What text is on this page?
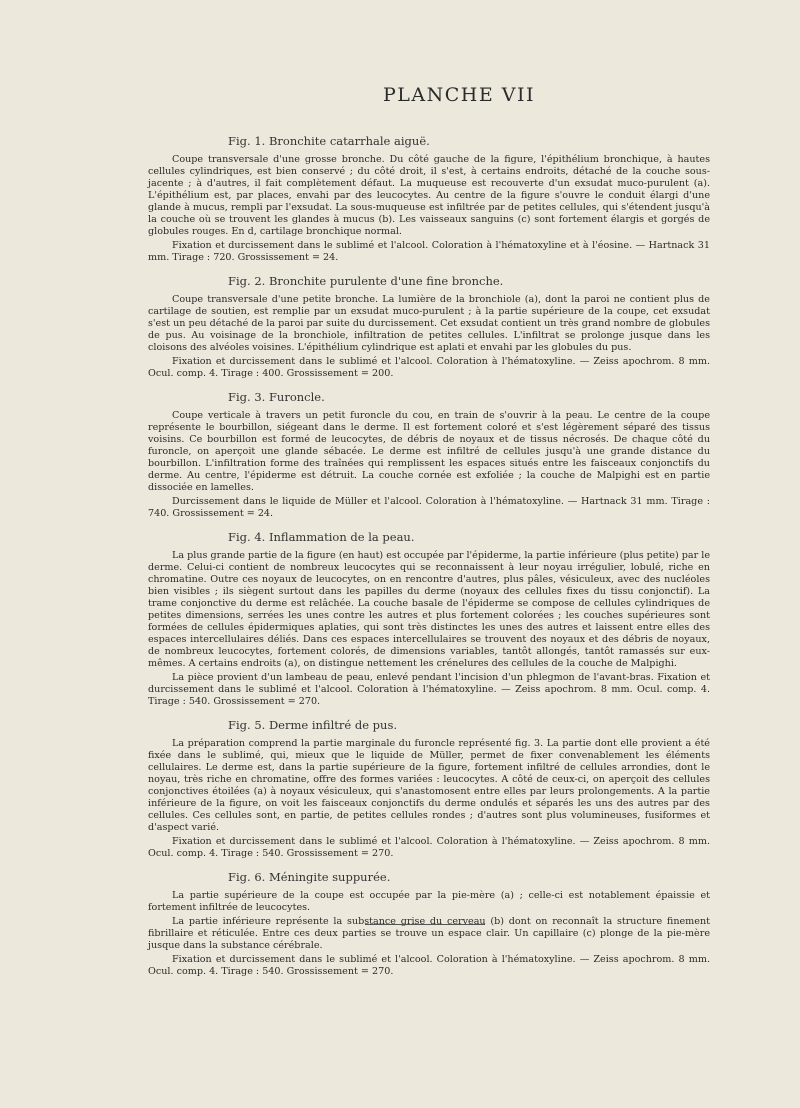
PLANCHE VII
Fig. 1. Bronchite catarrhale aiguë.

Coupe transversale d'une grosse bronche. Du côté gauche de la figure, l'épithélium bronchique, à hautes cellules cylindriques, est bien conservé ; du côté droit, il s'est, à certains endroits, détaché de la couche sous-jacente ; à d'autres, il fait complètement défaut. La muqueuse est recouverte d'un exsudat muco-purulent (a). L'épithélium est, par places, envahi par des leucocytes. Au centre de la figure s'ouvre le conduit élargi d'une glande à mucus, rempli par l'exsudat. La sous-muqueuse est infiltrée par de petites cellules, qui s'étendent jusqu'à la couche où se trouvent les glandes à mucus (b). Les vaisseaux sanguins (c) sont fortement élargis et gorgés de globules rouges. En d, cartilage bronchique normal.

Fixation et durcissement dans le sublimé et l'alcool. Coloration à l'hématoxyline et à l'éosine. — Hartnack 31 mm. Tirage : 720. Grossissement = 24.

Fig. 2. Bronchite purulente d'une fine bronche.

Coupe transversale d'une petite bronche. La lumière de la bronchiole (a), dont la paroi ne contient plus de cartilage de soutien, est remplie par un exsudat muco-purulent ; à la partie supérieure de la coupe, cet exsudat s'est un peu détaché de la paroi par suite du durcissement. Cet exsudat contient un très grand nombre de globules de pus. Au voisinage de la bronchiole, infiltration de petites cellules. L'infiltrat se prolonge jusque dans les cloisons des alvéoles voisines. L'épithélium cylindrique est aplati et envahi par les globules du pus.

Fixation et durcissement dans le sublimé et l'alcool. Coloration à l'hématoxyline. — Zeiss apochrom. 8 mm. Ocul. comp. 4. Tirage : 400. Grossissement = 200.

Fig. 3. Furoncle.

Coupe verticale à travers un petit furoncle du cou, en train de s'ouvrir à la peau. Le centre de la coupe représente le bourbillon, siégeant dans le derme. Il est fortement coloré et s'est légèrement séparé des tissus voisins. Ce bourbillon est formé de leucocytes, de débris de noyaux et de tissus nécrosés. De chaque côté du furoncle, on aperçoit une glande sébacée. Le derme est infiltré de cellules jusqu'à une grande distance du bourbillon. L'infiltration forme des traînées qui remplissent les espaces situés entre les faisceaux conjonctifs du derme. Au centre, l'épiderme est détruit. La couche cornée est exfoliée ; la couche de Malpighi est en partie dissociée en lamelles.

Durcissement dans le liquide de Müller et l'alcool. Coloration à l'hématoxyline. — Hartnack 31 mm. Tirage : 740. Grossissement = 24.

Fig. 4. Inflammation de la peau.

La plus grande partie de la figure (en haut) est occupée par l'épiderme, la partie inférieure (plus petite) par le derme. Celui-ci contient de nombreux leucocytes qui se reconnaissent à leur noyau irrégulier, lobulé, riche en chromatine. Outre ces noyaux de leucocytes, on en rencontre d'autres, plus pâles, vésiculeux, avec des nucléoles bien visibles ; ils siègent surtout dans les papilles du derme (noyaux des cellules fixes du tissu conjonctif). La trame conjonctive du derme est relâchée. La couche basale de l'épiderme se compose de cellules cylindriques de petites dimensions, serrées les unes contre les autres et plus fortement colorées ; les couches supérieures sont formées de cellules épidermiques aplaties, qui sont très distinctes les unes des autres et laissent entre elles des espaces intercellulaires déliés. Dans ces espaces intercellulaires se trouvent des noyaux et des débris de noyaux, de nombreux leucocytes, fortement colorés, de dimensions variables, tantôt allongés, tantôt ramassés sur eux-mêmes. A certains endroits (a), on distingue nettement les crénelures des cellules de la couche de Malpighi.

La pièce provient d'un lambeau de peau, enlevé pendant l'incision d'un phlegmon de l'avant-bras. Fixation et durcissement dans le sublimé et l'alcool. Coloration à l'hématoxyline. — Zeiss apochrom. 8 mm. Ocul. comp. 4. Tirage : 540. Grossissement = 270.

Fig. 5. Derme infiltré de pus.

La préparation comprend la partie marginale du furoncle représenté fig. 3. La partie dont elle provient a été fixée dans le sublimé, qui, mieux que le liquide de Müller, permet de fixer convenablement les éléments cellulaires. Le derme est, dans la partie supérieure de la figure, fortement infiltré de cellules arrondies, dont le noyau, très riche en chromatine, offre des formes variées : leucocytes. A côté de ceux-ci, on aperçoit des cellules conjonctives étoilées (a) à noyaux vésiculeux, qui s'anastomosent entre elles par leurs prolongements. A la partie inférieure de la figure, on voit les faisceaux conjonctifs du derme ondulés et séparés les uns des autres par des cellules. Ces cellules sont, en partie, de petites cellules rondes ; d'autres sont plus volumineuses, fusiformes et d'aspect varié.

Fixation et durcissement dans le sublimé et l'alcool. Coloration à l'hématoxyline. — Zeiss apochrom. 8 mm. Ocul. comp. 4. Tirage : 540. Grossissement = 270.

Fig. 6. Méningite suppurée.

La partie supérieure de la coupe est occupée par la pie-mère (a) ; celle-ci est notablement épaissie et fortement infiltrée de leucocytes.

La partie inférieure représente la substance grise du cerveau (b) dont on reconnaît la structure finement fibrillaire et réticulée. Entre ces deux parties se trouve un espace clair. Un capillaire (c) plonge de la pie-mère jusque dans la substance cérébrale.

Fixation et durcissement dans le sublimé et l'alcool. Coloration à l'hématoxyline. — Zeiss apochrom. 8 mm. Ocul. comp. 4. Tirage : 540. Grossissement = 270.
